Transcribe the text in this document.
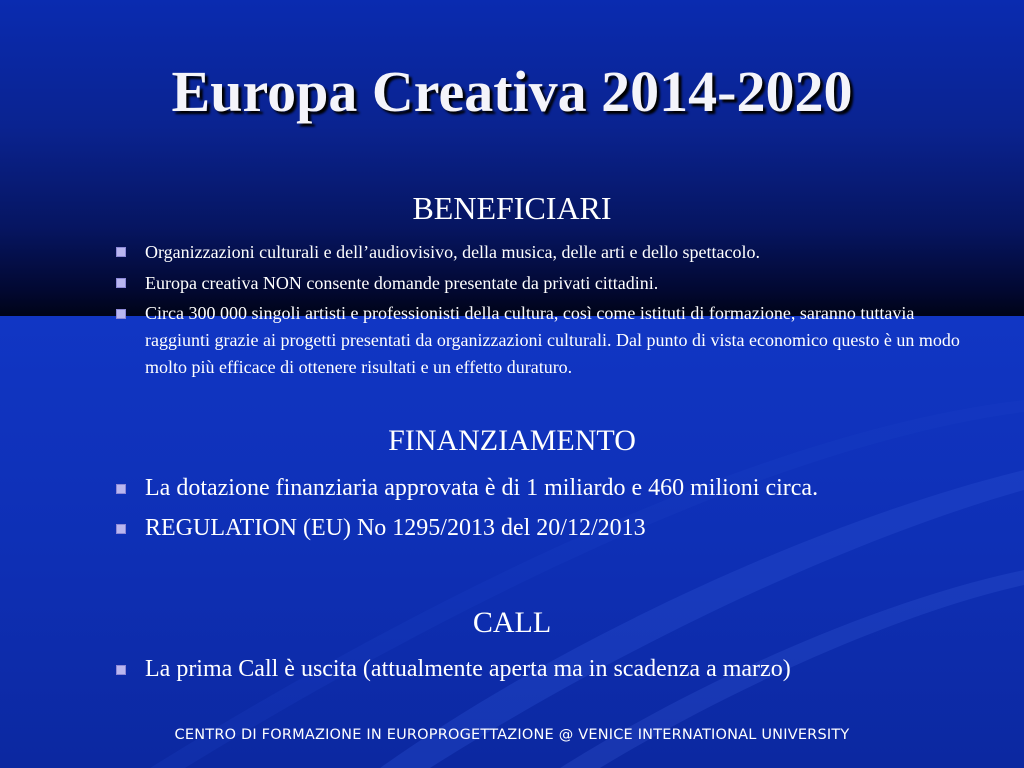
Europa Creativa 2014-2020
BENEFICIARI
Organizzazioni culturali e dell’audiovisivo, della musica, delle arti e dello spettacolo.
Europa creativa NON consente domande presentate da privati cittadini.
Circa 300 000 singoli artisti e professionisti della cultura, così come istituti di formazione, saranno tuttavia raggiunti grazie ai progetti presentati da organizzazioni culturali. Dal punto di vista economico questo è un modo molto più efficace di ottenere risultati e un effetto duraturo.
FINANZIAMENTO
La dotazione finanziaria approvata è di 1 miliardo e 460 milioni circa.
REGULATION (EU) No 1295/2013 del 20/12/2013
CALL
La prima Call è uscita (attualmente aperta ma in scadenza a marzo)
CENTRO DI FORMAZIONE IN EUROPROGETTAZIONE @ VENICE INTERNATIONAL UNIVERSITY
